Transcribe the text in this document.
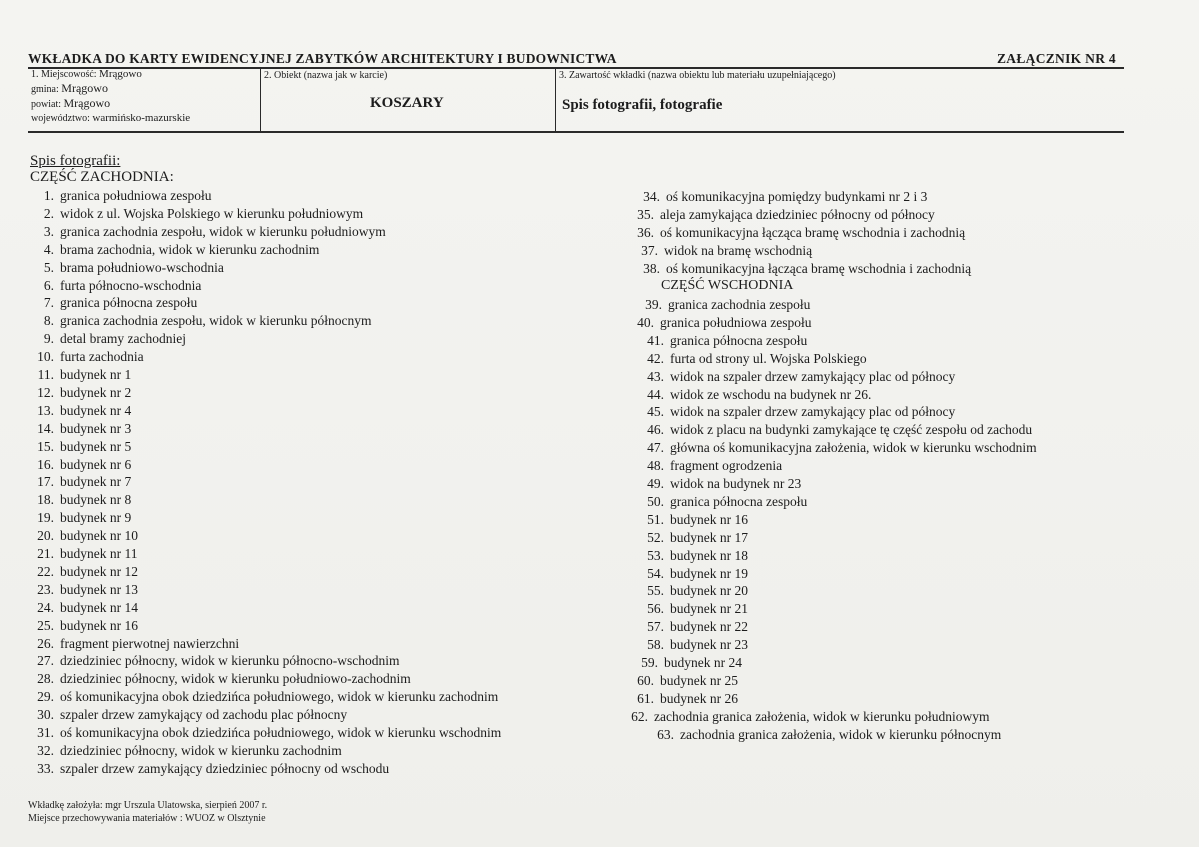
WKŁADKA DO KARTY EWIDENCYJNEJ ZABYTKÓW ARCHITEKTURY I BUDOWNICTWA	ZAŁĄCZNIK NR 4
1. Miejscowość: Mrągowo
gmina: Mrągowo
powiat: Mrągowo
województwo: warmińsko-mazurskie
2. Obiekt (nazwa jak w karcie)
KOSZARY
3. Zawartość wkładki (nazwa obiektu lub materiału uzupełniającego)
Spis fotografii, fotografie
Spis fotografii:
CZĘŚĆ ZACHODNIA:
1. granica południowa zespołu
2. widok z ul. Wojska Polskiego w kierunku południowym
3. granica zachodnia zespołu, widok w kierunku południowym
4. brama zachodnia, widok w kierunku zachodnim
5. brama południowo-wschodnia
6. furta północno-wschodnia
7. granica północna zespołu
8. granica zachodnia zespołu, widok w kierunku północnym
9. detal bramy zachodniej
10. furta zachodnia
11. budynek nr 1
12. budynek nr 2
13. budynek nr 4
14. budynek nr 3
15. budynek nr 5
16. budynek nr 6
17. budynek nr 7
18. budynek nr 8
19. budynek nr 9
20. budynek nr 10
21. budynek nr 11
22. budynek nr 12
23. budynek nr 13
24. budynek nr 14
25. budynek nr 16
26. fragment pierwotnej nawierzchni
27. dziedziniec północny, widok w kierunku północno-wschodnim
28. dziedziniec północny, widok w kierunku południowo-zachodnim
29. oś komunikacyjna obok dziedzińca południowego, widok w kierunku zachodnim
30. szpaler drzew zamykający od zachodu plac północny
31. oś komunikacyjna obok dziedzińca południowego, widok w kierunku wschodnim
32. dziedziniec północny, widok w kierunku zachodnim
33. szpaler drzew zamykający dziedziniec północny od wschodu
34. oś komunikacyjna pomiędzy budynkami nr 2 i 3
35. aleja zamykająca dziedziniec północny od północy
36. oś komunikacyjna łącząca bramę wschodnia i zachodnią
37. widok na bramę wschodnią
38. oś komunikacyjna łącząca bramę wschodnia i zachodnią
CZĘŚĆ WSCHODNIA
39. granica zachodnia zespołu
40. granica południowa zespołu
41. granica północna zespołu
42. furta od strony ul. Wojska Polskiego
43. widok na szpaler drzew zamykający plac od północy
44. widok ze wschodu na budynek nr 26.
45. widok na szpaler drzew zamykający plac od północy
46. widok z placu na budynki zamykające tę część zespołu od zachodu
47. główna oś komunikacyjna założenia, widok w kierunku wschodnim
48. fragment ogrodzenia
49. widok na budynek nr 23
50. granica północna zespołu
51. budynek nr 16
52. budynek nr 17
53. budynek nr 18
54. budynek nr 19
55. budynek nr 20
56. budynek nr 21
57. budynek nr 22
58. budynek nr 23
59. budynek nr 24
60. budynek nr 25
61. budynek nr 26
62. zachodnia granica założenia, widok w kierunku południowym
63. zachodnia granica założenia, widok w kierunku północnym
Wkładkę założyła: mgr Urszula Ulatowska, sierpień 2007 r.
Miejsce przechowywania materiałów : WUOZ w Olsztynie
